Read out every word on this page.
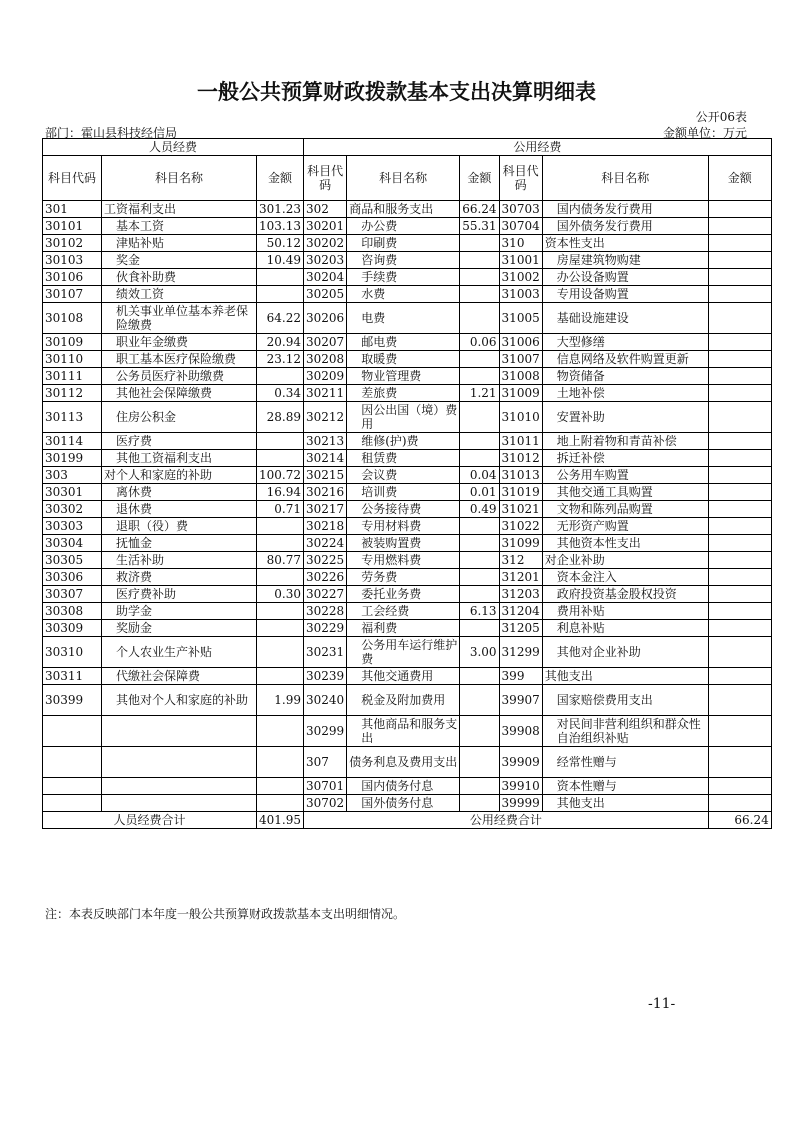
一般公共预算财政拨款基本支出决算明细表
公开06表
部门：霍山县科技经信局	金额单位：万元
人员经费			公用经费					
科目代码	科目名称	金额	科目代码	科目名称	金额	科目代码	科目名称	金额
301	工资福利支出	301.23	302	商品和服务支出	66.24	30703	国内债务发行费用	
30101	基本工资	103.13	30201	办公费	55.31	30704	国外债务发行费用	
30102	津贴补贴	50.12	30202	印刷费		310	资本性支出	
30103	奖金	10.49	30203	咨询费		31001	房屋建筑物购建	
30106	伙食补助费		30204	手续费		31002	办公设备购置	
30107	绩效工资		30205	水费		31003	专用设备购置	
30108	机关事业单位基本养老保险缴费	64.22	30206	电费		31005	基础设施建设	
30109	职业年金缴费	20.94	30207	邮电费	0.06	31006	大型修缮	
30110	职工基本医疗保险缴费	23.12	30208	取暖费		31007	信息网络及软件购置更新	
30111	公务员医疗补助缴费		30209	物业管理费		31008	物资储备	
30112	其他社会保障缴费	0.34	30211	差旅费	1.21	31009	土地补偿	
30113	住房公积金	28.89	30212	因公出国（境）费用		31010	安置补助	
30114	医疗费		30213	维修(护)费		31011	地上附着物和青苗补偿	
30199	其他工资福利支出		30214	租赁费		31012	拆迁补偿	
303	对个人和家庭的补助	100.72	30215	会议费	0.04	31013	公务用车购置	
30301	离休费	16.94	30216	培训费	0.01	31019	其他交通工具购置	
30302	退休费	0.71	30217	公务接待费	0.49	31021	文物和陈列品购置	
30303	退职（役）费		30218	专用材料费		31022	无形资产购置	
30304	抚恤金		30224	被装购置费		31099	其他资本性支出	
30305	生活补助	80.77	30225	专用燃料费		312	对企业补助	
30306	救济费		30226	劳务费		31201	资本金注入	
30307	医疗费补助	0.30	30227	委托业务费		31203	政府投资基金股权投资	
30308	助学金		30228	工会经费	6.13	31204	费用补贴	
30309	奖励金		30229	福利费		31205	利息补贴	
30310	个人农业生产补贴		30231	公务用车运行维护费	3.00	31299	其他对企业补助	
30311	代缴社会保障费		30239	其他交通费用		399	其他支出	
30399	其他对个人和家庭的补助	1.99	30240	税金及附加费用		39907	国家赔偿费用支出	
			30299	其他商品和服务支出		39908	对民间非营利组织和群众性自治组织补贴	
			307	债务利息及费用支出		39909	经常性赠与	
			30701	国内债务付息		39910	资本性赠与	
			30702	国外债务付息		39999	其他支出	
人员经费合计		401.95	公用经费合计					66.24
注：本表反映部门本年度一般公共预算财政拨款基本支出明细情况。
-11-
